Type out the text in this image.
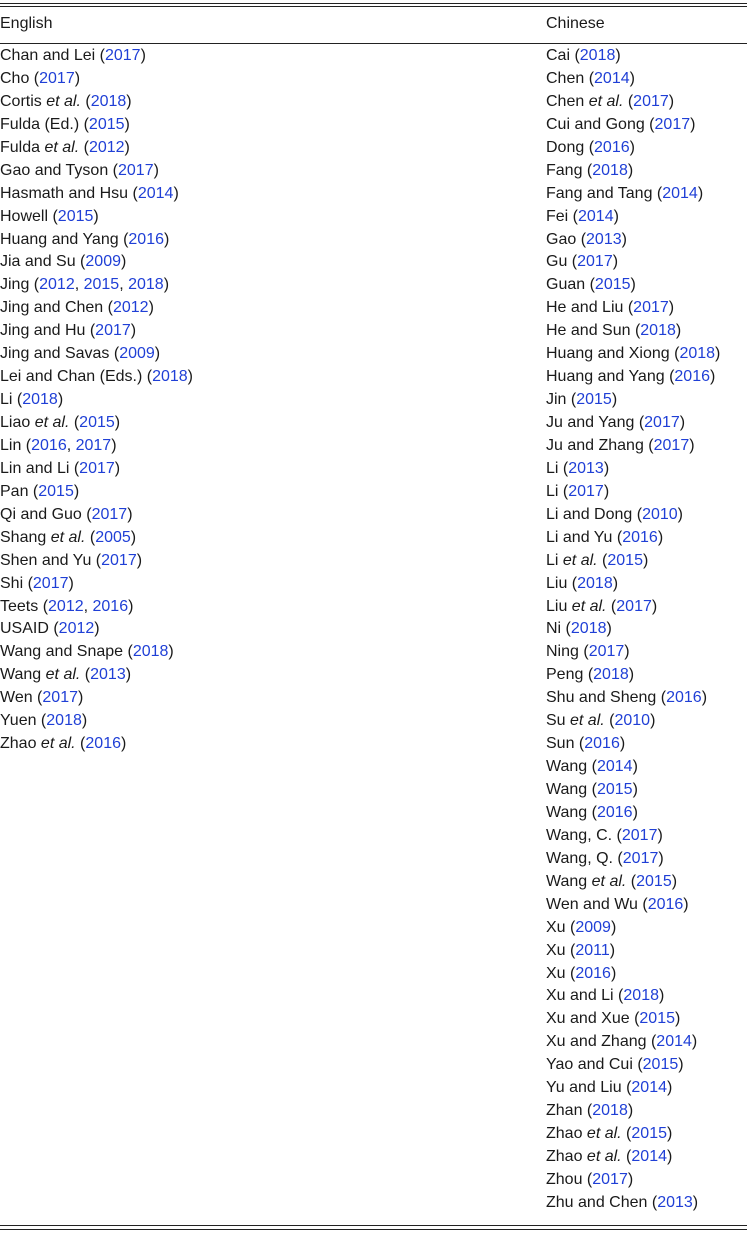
English
Chan and Lei (2017)
Cho (2017)
Cortis et al. (2018)
Fulda (Ed.) (2015)
Fulda et al. (2012)
Gao and Tyson (2017)
Hasmath and Hsu (2014)
Howell (2015)
Huang and Yang (2016)
Jia and Su (2009)
Jing (2012, 2015, 2018)
Jing and Chen (2012)
Jing and Hu (2017)
Jing and Savas (2009)
Lei and Chan (Eds.) (2018)
Li (2018)
Liao et al. (2015)
Lin (2016, 2017)
Lin and Li (2017)
Pan (2015)
Qi and Guo (2017)
Shang et al. (2005)
Shen and Yu (2017)
Shi (2017)
Teets (2012, 2016)
USAID (2012)
Wang and Snape (2018)
Wang et al. (2013)
Wen (2017)
Yuen (2018)
Zhao et al. (2016)
Chinese
Cai (2018)
Chen (2014)
Chen et al. (2017)
Cui and Gong (2017)
Dong (2016)
Fang (2018)
Fang and Tang (2014)
Fei (2014)
Gao (2013)
Gu (2017)
Guan (2015)
He and Liu (2017)
He and Sun (2018)
Huang and Xiong (2018)
Huang and Yang (2016)
Jin (2015)
Ju and Yang (2017)
Ju and Zhang (2017)
Li (2013)
Li (2017)
Li and Dong (2010)
Li and Yu (2016)
Li et al. (2015)
Liu (2018)
Liu et al. (2017)
Ni (2018)
Ning (2017)
Peng (2018)
Shu and Sheng (2016)
Su et al. (2010)
Sun (2016)
Wang (2014)
Wang (2015)
Wang (2016)
Wang, C. (2017)
Wang, Q. (2017)
Wang et al. (2015)
Wen and Wu (2016)
Xu (2009)
Xu (2011)
Xu (2016)
Xu and Li (2018)
Xu and Xue (2015)
Xu and Zhang (2014)
Yao and Cui (2015)
Yu and Liu (2014)
Zhan (2018)
Zhao et al. (2015)
Zhao et al. (2014)
Zhou (2017)
Zhu and Chen (2013)
